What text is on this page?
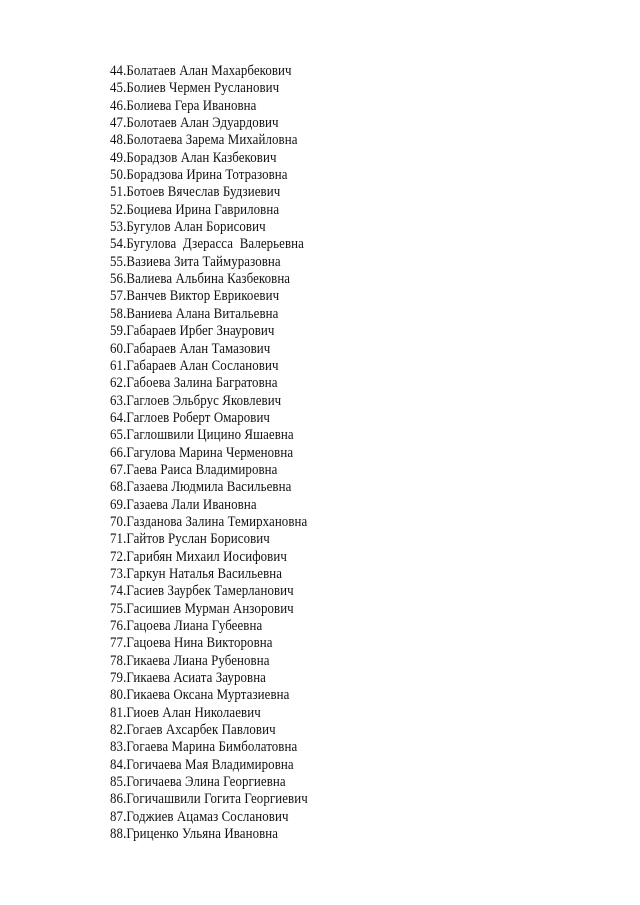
44.Болатаев Алан Махарбекович
45.Болиев Чермен Русланович
46.Болиева Гера Ивановна
47.Болотаев Алан Эдуардович
48.Болотаева Зарема Михайловна
49.Борадзов Алан Казбекович
50.Борадзова Ирина Тотразовна
51.Ботоев Вячеслав Будзиевич
52.Боциева Ирина Гавриловна
53.Бугулов Алан Борисович
54.Бугулова  Дзерасса  Валерьевна
55.Вазиева Зита Таймуразовна
56.Валиева Альбина Казбековна
57.Ванчев Виктор Еврикоевич
58.Ваниева Алана Витальевна
59.Габараев Ирбег Знаурович
60.Габараев Алан Тамазович
61.Габараев Алан Сосланович
62.Габоева Залина Багратовна
63.Гаглоев Эльбрус Яковлевич
64.Гаглоев Роберт Омарович
65.Гаглошвили Цицино Яшаевна
66.Гагулова Марина Черменовна
67.Гаева Раиса Владимировна
68.Газаева Людмила Васильевна
69.Газаева Лали Ивановна
70.Газданова Залина Темирхановна
71.Гайтов Руслан Борисович
72.Гарибян Михаил Иосифович
73.Гаркун Наталья Васильевна
74.Гасиев Заурбек Тамерланович
75.Гасишиев Мурман Анзорович
76.Гацоева Лиана Губеевна
77.Гацоева Нина Викторовна
78.Гикаева Лиана Рубеновна
79.Гикаева Асиата Зауровна
80.Гикаева Оксана Муртазиевна
81.Гиоев Алан Николаевич
82.Гогаев Ахсарбек Павлович
83.Гогаева Марина Бимболатовна
84.Гогичаева Мая Владимировна
85.Гогичаева Элина Георгиевна
86.Гогичашвили Гогита Георгиевич
87.Годжиев Ацамаз Сосланович
88.Гриценко Ульяна Ивановна
